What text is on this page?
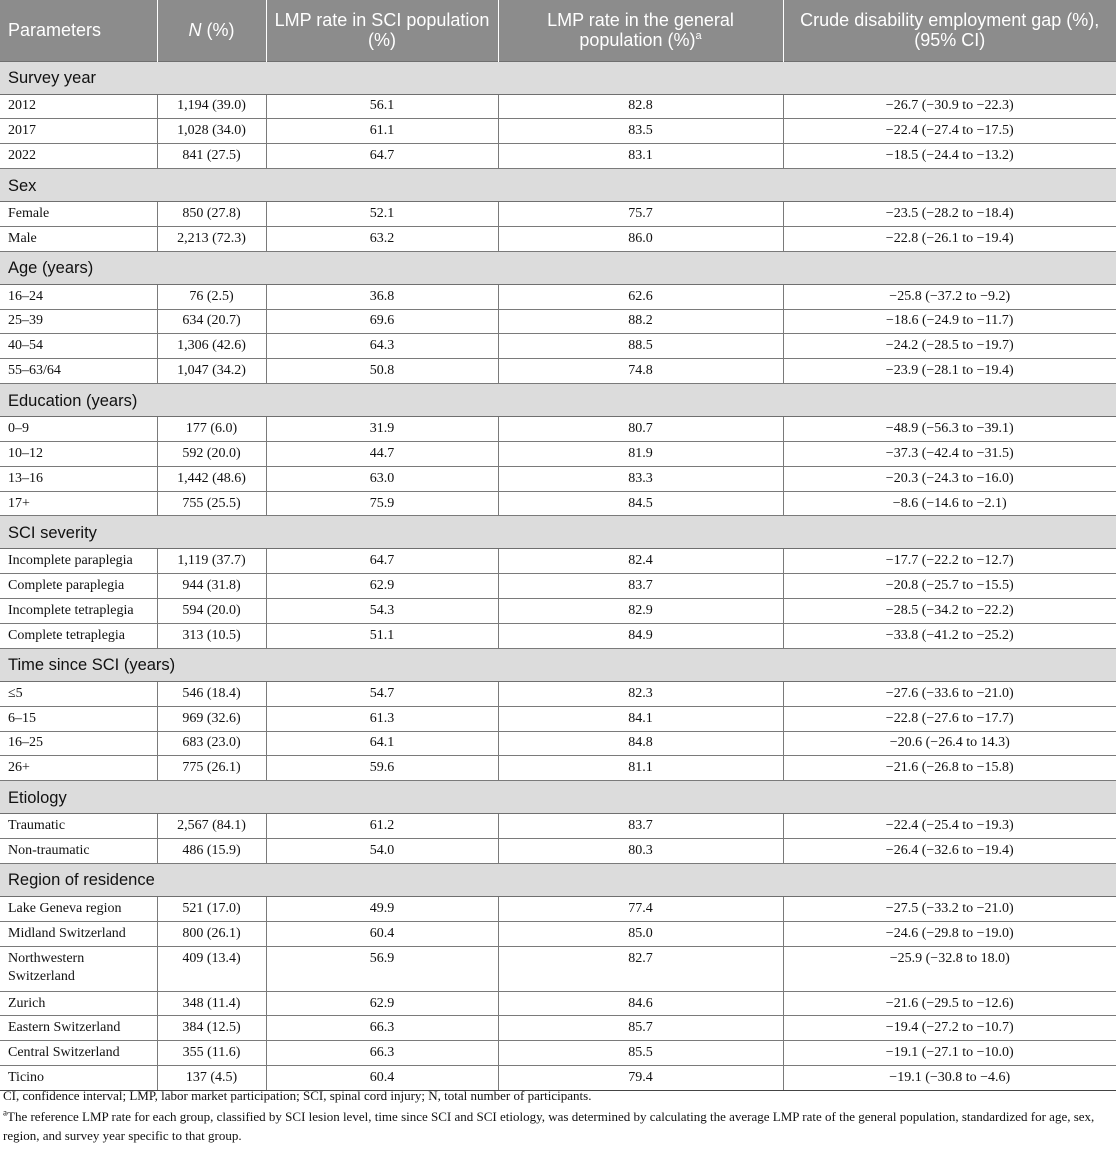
Parameters	N (%)	LMP rate in SCI population (%)	LMP rate in the general population (%)$^a$	Crude disability employment gap (%), (95% CI)
Survey year				
2012	1,194 (39.0)	56.1	82.8	−26.7 (−30.9 to −22.3)
2017	1,028 (34.0)	61.1	83.5	−22.4 (−27.4 to −17.5)
2022	841 (27.5)	64.7	83.1	−18.5 (−24.4 to −13.2)
Sex				
Female	850 (27.8)	52.1	75.7	−23.5 (−28.2 to −18.4)
Male	2,213 (72.3)	63.2	86.0	−22.8 (−26.1 to −19.4)
Age (years)				
16–24	76 (2.5)	36.8	62.6	−25.8 (−37.2 to −9.2)
25–39	634 (20.7)	69.6	88.2	−18.6 (−24.9 to −11.7)
40–54	1,306 (42.6)	64.3	88.5	−24.2 (−28.5 to −19.7)
55–63/64	1,047 (34.2)	50.8	74.8	−23.9 (−28.1 to −19.4)
Education (years)				
0–9	177 (6.0)	31.9	80.7	−48.9 (−56.3 to −39.1)
10–12	592 (20.0)	44.7	81.9	−37.3 (−42.4 to −31.5)
13–16	1,442 (48.6)	63.0	83.3	−20.3 (−24.3 to −16.0)
17+	755 (25.5)	75.9	84.5	−8.6 (−14.6 to −2.1)
SCI severity				
Incomplete paraplegia	1,119 (37.7)	64.7	82.4	−17.7 (−22.2 to −12.7)
Complete paraplegia	944 (31.8)	62.9	83.7	−20.8 (−25.7 to −15.5)
Incomplete tetraplegia	594 (20.0)	54.3	82.9	−28.5 (−34.2 to −22.2)
Complete tetraplegia	313 (10.5)	51.1	84.9	−33.8 (−41.2 to −25.2)
Time since SCI (years)				
≤5	546 (18.4)	54.7	82.3	−27.6 (−33.6 to −21.0)
6–15	969 (32.6)	61.3	84.1	−22.8 (−27.6 to −17.7)
16–25	683 (23.0)	64.1	84.8	−20.6 (−26.4 to 14.3)
26+	775 (26.1)	59.6	81.1	−21.6 (−26.8 to −15.8)
Etiology				
Traumatic	2,567 (84.1)	61.2	83.7	−22.4 (−25.4 to −19.3)
Non-traumatic	486 (15.9)	54.0	80.3	−26.4 (−32.6 to −19.4)
Region of residence				
Lake Geneva region	521 (17.0)	49.9	77.4	−27.5 (−33.2 to −21.0)
Midland Switzerland	800 (26.1)	60.4	85.0	−24.6 (−29.8 to −19.0)
Northwestern Switzerland	409 (13.4)	56.9	82.7	−25.9 (−32.8 to 18.0)
Zurich	348 (11.4)	62.9	84.6	−21.6 (−29.5 to −12.6)
Eastern Switzerland	384 (12.5)	66.3	85.7	−19.4 (−27.2 to −10.7)
Central Switzerland	355 (11.6)	66.3	85.5	−19.1 (−27.1 to −10.0)
Ticino	137 (4.5)	60.4	79.4	−19.1 (−30.8 to −4.6)

CI, confidence interval; LMP, labor market participation; SCI, spinal cord injury; N, total number of participants.

$^a$The reference LMP rate for each group, classified by SCI lesion level, time since SCI and SCI etiology, was determined by calculating the average LMP rate of the general population, standardized for age, sex, region, and survey year specific to that group.
